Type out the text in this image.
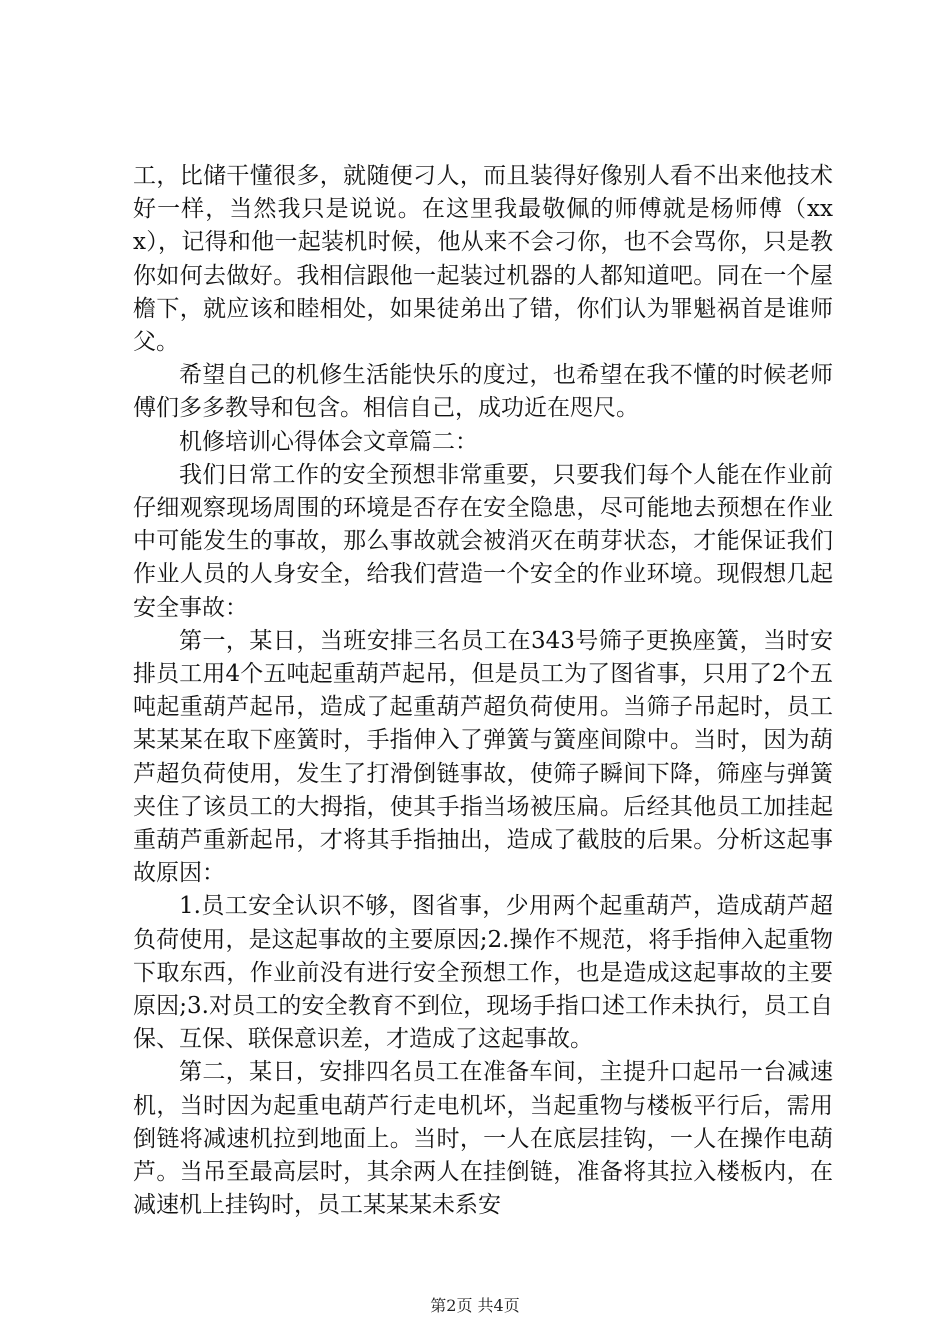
工，比储干懂很多，就随便刁人，而且装得好像别人看不出来他技术好一样，当然我只是说说。在这里我最敬佩的师傅就是杨师傅（xxx），记得和他一起装机时候，他从来不会刁你，也不会骂你，只是教你如何去做好。我相信跟他一起装过机器的人都知道吧。同在一个屋檐下，就应该和睦相处，如果徒弟出了错，你们认为罪魁祸首是谁师父。

希望自己的机修生活能快乐的度过，也希望在我不懂的时候老师傅们多多教导和包含。相信自己，成功近在咫尺。

机修培训心得体会文章篇二：

我们日常工作的安全预想非常重要，只要我们每个人能在作业前仔细观察现场周围的环境是否存在安全隐患，尽可能地去预想在作业中可能发生的事故，那么事故就会被消灭在萌芽状态，才能保证我们作业人员的人身安全，给我们营造一个安全的作业环境。现假想几起安全事故：

第一，某日，当班安排三名员工在343号筛子更换座簧，当时安排员工用4个五吨起重葫芦起吊，但是员工为了图省事，只用了2个五吨起重葫芦起吊，造成了起重葫芦超负荷使用。当筛子吊起时，员工某某某在取下座簧时，手指伸入了弹簧与簧座间隙中。当时，因为葫芦超负荷使用，发生了打滑倒链事故，使筛子瞬间下降，筛座与弹簧夹住了该员工的大拇指，使其手指当场被压扁。后经其他员工加挂起重葫芦重新起吊，才将其手指抽出，造成了截肢的后果。分析这起事故原因：

1.员工安全认识不够，图省事，少用两个起重葫芦，造成葫芦超负荷使用，是这起事故的主要原因;2.操作不规范，将手指伸入起重物下取东西，作业前没有进行安全预想工作，也是造成这起事故的主要原因;3.对员工的安全教育不到位，现场手指口述工作未执行，员工自保、互保、联保意识差，才造成了这起事故。

第二，某日，安排四名员工在准备车间，主提升口起吊一台减速机，当时因为起重电葫芦行走电机坏，当起重物与楼板平行后，需用倒链将减速机拉到地面上。当时，一人在底层挂钩，一人在操作电葫芦。当吊至最高层时，其余两人在挂倒链，准备将其拉入楼板内，在减速机上挂钩时，员工某某某未系安

第2页 共4页
